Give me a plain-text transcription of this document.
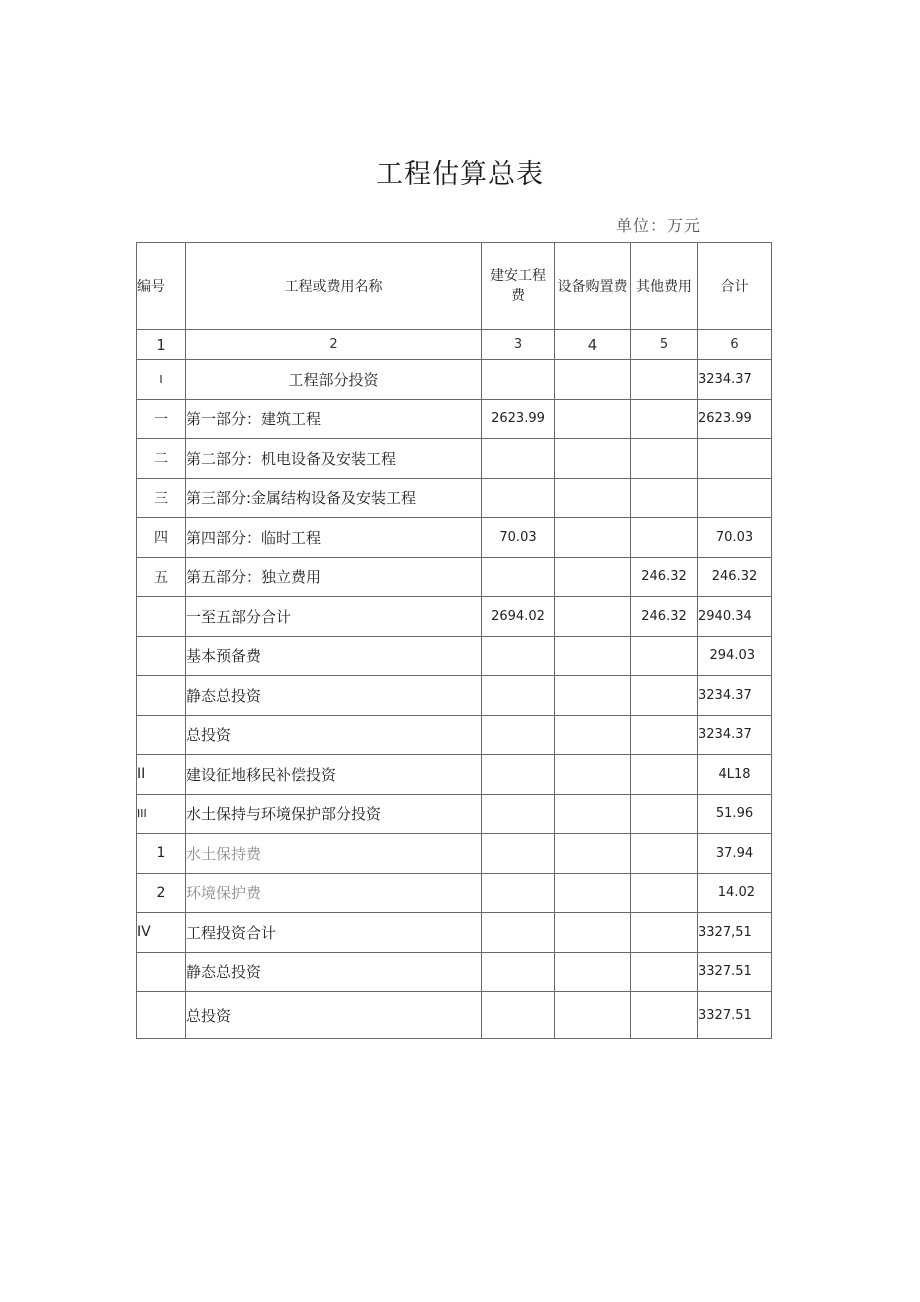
工程估算总表
单位：万元
编号	工程或费用名称	建安工程费	设备购置费	其他费用	合计
1	2	3	4	5	6
I	工程部分投资				3234.37
一	第一部分：建筑工程	2623.99			2623.99
二	第二部分：机电设备及安装工程				
三	第三部分:金属结构设备及安装工程				
四	第四部分：临时工程	70.03			70.03
五	第五部分：独立费用			246.32	246.32
	一至五部分合计	2694.02		246.32	2940.34
	基本预备费				294.03
	静态总投资				3234.37
	总投资				3234.37
II	建设征地移民补偿投资				4L18
III	水土保持与环境保护部分投资				51.96
1	水土保持费				37.94
2	环境保护费				14.02
IV	工程投资合计				3327,51
	静态总投资				3327.51
	总投资				3327.51
